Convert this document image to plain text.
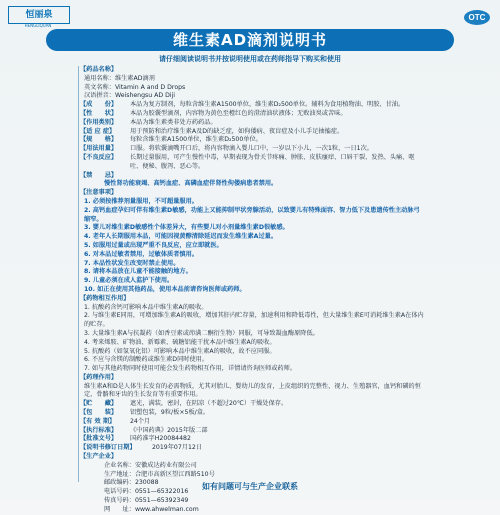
恒丽泉
HENGLIQUAN
OTC
维生素AD滴剂说明书
请仔细阅读说明书并按说明使用或在药师指导下购买和使用
【药品名称】
通用名称： 维生素AD滴剂
英文名称： Vitamin A and D Drops
汉语拼音： Weishengsu AD Diji
【成　　份】	本品为复方制剂，每粒含维生素A1500单位，维生素D₂500单位。辅料为食用植物油、明胶、甘油。
【性　　状】	本品为胶囊型滴剂，内容物为黄色至橙红色的澄清油状液体；无败油臭或苦味。
【作用类别】	本品为维生素类非处方药药品。
【适 应 症】	用于预防和治疗维生素A及D的缺乏症，如佝偻病、夜盲症及小儿手足抽搐症。
【规　　格】	每粒含维生素A1500单位，维生素D₂500单位。
【用法用量】	口服。将软囊滴嘴开口后，将内容物滴入婴儿口中，一岁以下小儿，一次1粒，一日1次。
【不良反应】	长期过量服用，可产生慢性中毒，早期表现为骨关节疼痛、肿胀、皮肤瘙痒、口唇干裂、发热、头痛、呕吐、便秘、腹泻、恶心等。
【禁　　忌】
慢性肾功能衰竭、高钙血症、高磷血症伴肾性佝偻病患者禁用。
【注意事项】
1. 必须按推荐剂量服用，不可超量服用。
2. 高钙血症孕妇可伴有维生素D敏感，功能上又能抑制甲状旁腺活动，以致婴儿有特殊面容、智力低下及患遗传性主动脉弓缩窄。
3. 婴儿对维生素D敏感性个体差异大，有些婴儿对小剂量维生素D很敏感。
4. 老年人长期服用本品，可能因视黄醇清除延迟而发生维生素A过量。
5. 如服用过量或出现严重不良反应，应立即就医。
6. 对本品过敏者禁用，过敏体质者慎用。
7. 本品性状发生改变时禁止使用。
8. 请将本品放在儿童不能接触的地方。
9. 儿童必须在成人监护下使用。
10. 如正在使用其他药品，使用本品前请咨询医师或药师。
【药物相互作用】
1. 抗酸药含钙可影响本品中维生素A的吸收。
2. 与维生素E同用，可增加维生素A的吸收，增加其肝内贮存量，加速利用和降低毒性，但大量维生素E可消耗维生素A在体内的贮存。
3. 大量维生素A与抗凝药（如香豆素或茚满二酮衍生物）同服，可导致凝血酶原降低。
4. 考来烯胺、矿物油、新霉素、硫糖铝能干扰本品中维生素A的吸收。
5. 抗酸药（如氢氧化铝）可影响本品中维生素A的吸收，故不应同服。
6. 不应与含镁的制酸药或维生素D同时使用。
7. 如与其他药物同时使用可能会发生药物相互作用，详情请咨询医师或药师。
【药理作用】
维生素A和D是人体生长发育的必需物质，尤其对胎儿、婴幼儿的发育，上皮组织的完整性，视力、生殖器官，血钙和磷的恒定，骨骼和牙齿的生长发育等有重要作用。
【贮　　藏】	遮光，满装，密封，在阴凉（不超过20℃）干燥处保存。
【包　　装】	铝塑包装，9粒/板×5板/盒。
【有 效 期】	24个月
【执行标准】	《中国药典》2015年版二部
【批准文号】	国药准字H20084482
【说明书修订日期】	2019年07月12日
【生产企业】
企业名称： 安徽成达药业有限公司
生产地址： 合肥市高新区望江西路510号
邮政编码： 230088
电话号码： 0551—65322016
传真号码： 0551—65392349
网　　址： www.ahwelman.com
如有问题可与生产企业联系
